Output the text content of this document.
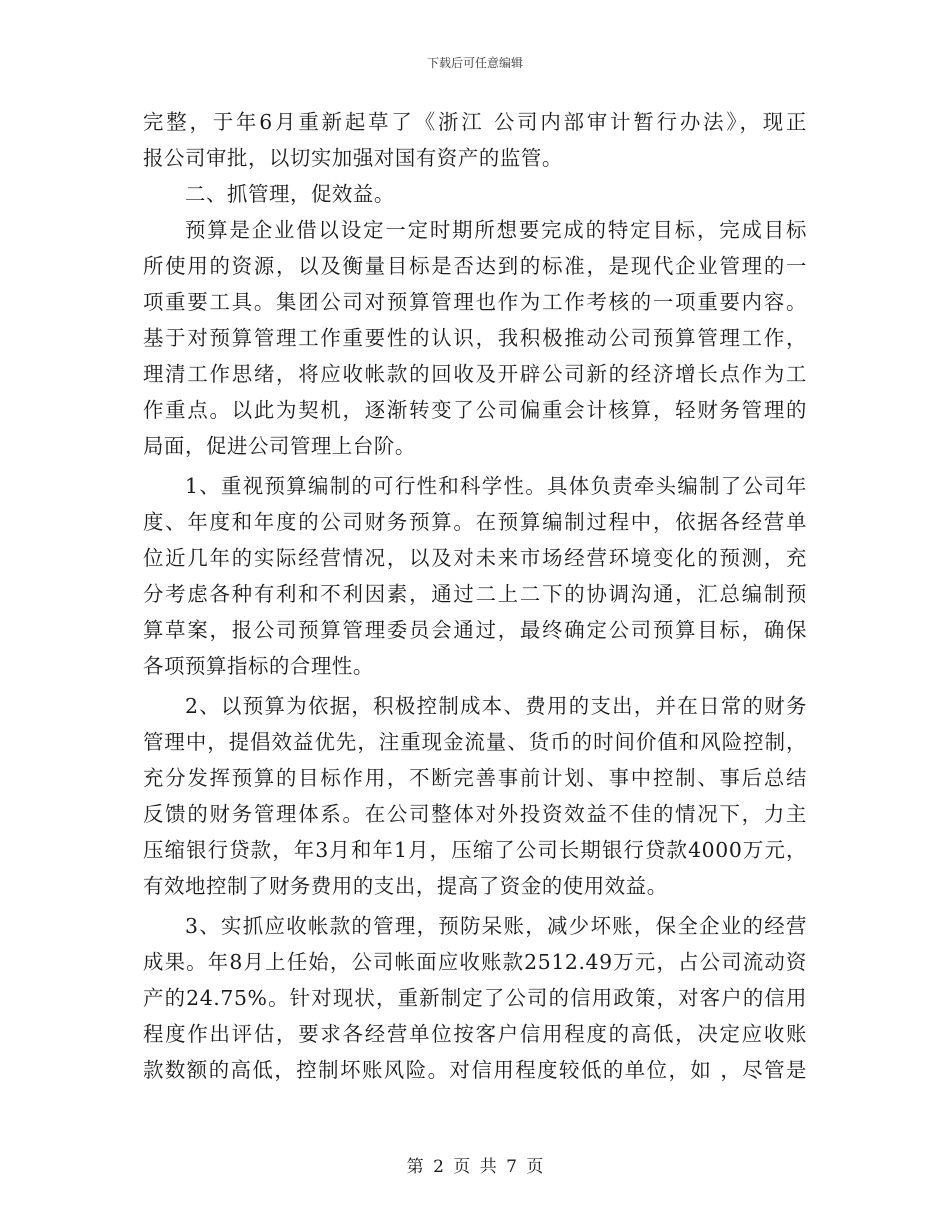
下载后可任意编辑
完整，于年6月重新起草了《浙江 公司内部审计暂行办法》，现正
报公司审批，以切实加强对国有资产的监管。
二、抓管理，促效益。
预算是企业借以设定一定时期所想要完成的特定目标，完成目标
所使用的资源，以及衡量目标是否达到的标准，是现代企业管理的一
项重要工具。集团公司对预算管理也作为工作考核的一项重要内容。
基于对预算管理工作重要性的认识，我积极推动公司预算管理工作，
理清工作思绪，将应收帐款的回收及开辟公司新的经济增长点作为工
作重点。以此为契机，逐渐转变了公司偏重会计核算，轻财务管理的
局面，促进公司管理上台阶。
1、重视预算编制的可行性和科学性。具体负责牵头编制了公司年
度、年度和年度的公司财务预算。在预算编制过程中，依据各经营单
位近几年的实际经营情况，以及对未来市场经营环境变化的预测，充
分考虑各种有利和不利因素，通过二上二下的协调沟通，汇总编制预
算草案，报公司预算管理委员会通过，最终确定公司预算目标，确保
各项预算指标的合理性。
2、以预算为依据，积极控制成本、费用的支出，并在日常的财务
管理中，提倡效益优先，注重现金流量、货币的时间价值和风险控制，
充分发挥预算的目标作用，不断完善事前计划、事中控制、事后总结
反馈的财务管理体系。在公司整体对外投资效益不佳的情况下，力主
压缩银行贷款，年3月和年1月，压缩了公司长期银行贷款4000万元，
有效地控制了财务费用的支出，提高了资金的使用效益。
3、实抓应收帐款的管理，预防呆账，减少坏账，保全企业的经营
成果。年8月上任始，公司帐面应收账款2512.49万元，占公司流动资
产的24.75%。针对现状，重新制定了公司的信用政策，对客户的信用
程度作出评估，要求各经营单位按客户信用程度的高低，决定应收账
款数额的高低，控制坏账风险。对信用程度较低的单位，如 ，尽管是
第 2 页 共 7 页
